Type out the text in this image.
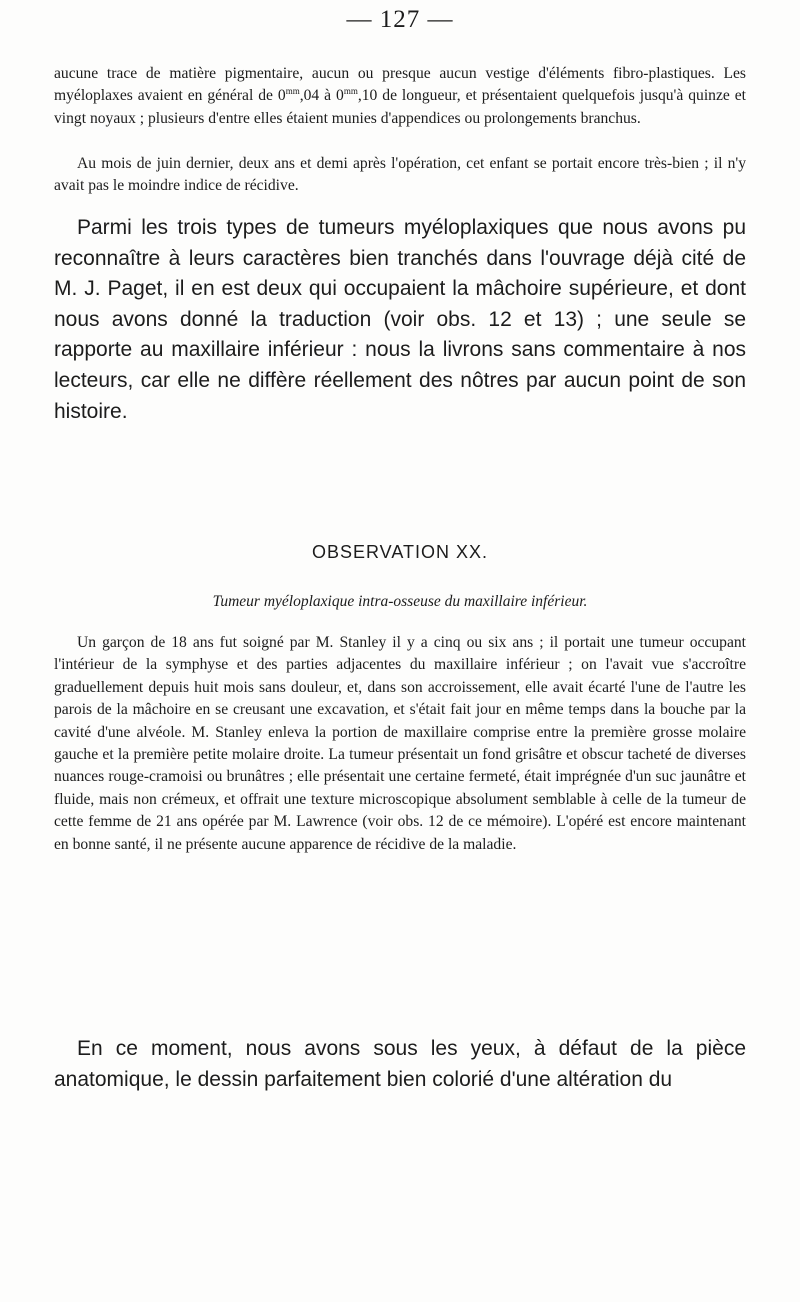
— 127 —

aucune trace de matière pigmentaire, aucun ou presque aucun vestige d'éléments fibro-plastiques. Les myéloplaxes avaient en général de $0^{mm},04$ à $0^{mm},10$ de longueur, et présentaient quelquefois jusqu'à quinze et vingt noyaux ; plusieurs d'entre elles étaient munies d'appendices ou prolongements branchus.

Au mois de juin dernier, deux ans et demi après l'opération, cet enfant se portait encore très-bien ; il n'y avait pas le moindre indice de récidive.

Parmi les trois types de tumeurs myéloplaxiques que nous avons pu reconnaître à leurs caractères bien tranchés dans l'ouvrage déjà cité de M. J. Paget, il en est deux qui occupaient la mâchoire supérieure, et dont nous avons donné la traduction (voir obs. 12 et 13) ; une seule se rapporte au maxillaire inférieur : nous la livrons sans commentaire à nos lecteurs, car elle ne diffère réellement des nôtres par aucun point de son histoire.

OBSERVATION XX.

Tumeur myéloplaxique intra-osseuse du maxillaire inférieur.

Un garçon de 18 ans fut soigné par M. Stanley il y a cinq ou six ans ; il portait une tumeur occupant l'intérieur de la symphyse et des parties adjacentes du maxillaire inférieur ; on l'avait vue s'accroître graduellement depuis huit mois sans douleur, et, dans son accroissement, elle avait écarté l'une de l'autre les parois de la mâchoire en se creusant une excavation, et s'était fait jour en même temps dans la bouche par la cavité d'une alvéole. M. Stanley enleva la portion de maxillaire comprise entre la première grosse molaire gauche et la première petite molaire droite. La tumeur présentait un fond grisâtre et obscur tacheté de diverses nuances rouge-cramoisi ou brunâtres ; elle présentait une certaine fermeté, était imprégnée d'un suc jaunâtre et fluide, mais non crémeux, et offrait une texture microscopique absolument semblable à celle de la tumeur de cette femme de 21 ans opérée par M. Lawrence (voir obs. 12 de ce mémoire). L'opéré est encore maintenant en bonne santé, il ne présente aucune apparence de récidive de la maladie.

En ce moment, nous avons sous les yeux, à défaut de la pièce anatomique, le dessin parfaitement bien colorié d'une altération du
